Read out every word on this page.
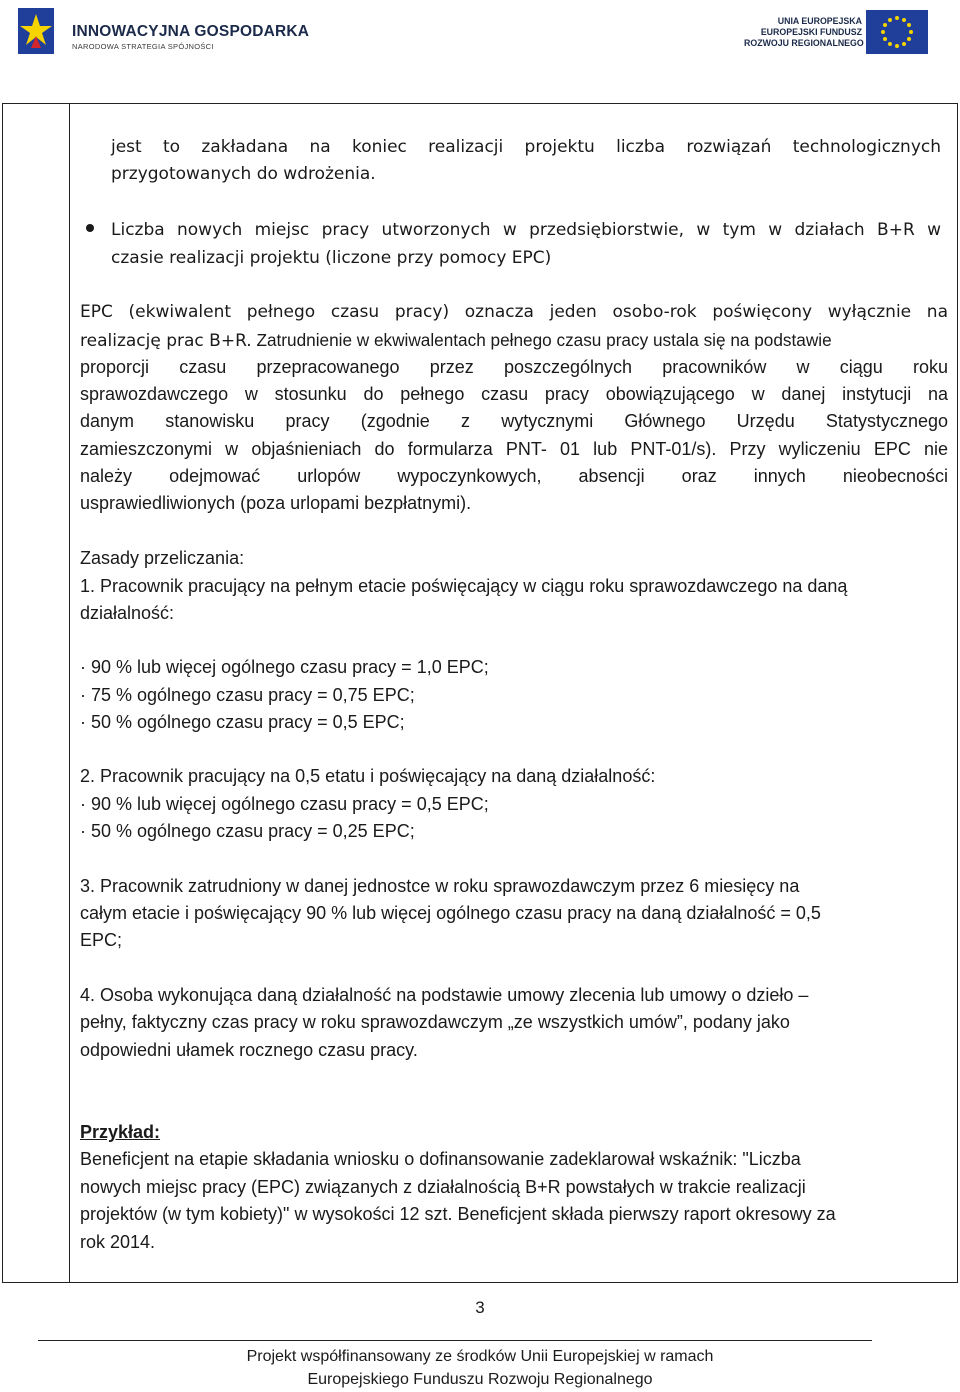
INNOWACYJNA GOSPODARKA
NARODOWA STRATEGIA SPÓJNOŚCI
UNIA EUROPEJSKA
EUROPEJSKI FUNDUSZ
ROZWOJU REGIONALNEGO
jest to zakładana na koniec realizacji projektu liczba rozwiązań technologicznych
przygotowanych do wdrożenia.
Liczba nowych miejsc pracy utworzonych w przedsiębiorstwie, w tym w działach B+R w
czasie realizacji projektu (liczone przy pomocy EPC)
EPC (ekwiwalent pełnego czasu pracy) oznacza jeden osobo-rok poświęcony wyłącznie na
realizację prac B+R. Zatrudnienie w ekwiwalentach pełnego czasu pracy ustala się na podstawie
proporcji czasu przepracowanego przez poszczególnych pracowników w ciągu roku
sprawozdawczego w stosunku do pełnego czasu pracy obowiązującego w danej instytucji na
danym stanowisku pracy (zgodnie z wytycznymi Głównego Urzędu Statystycznego
zamieszczonymi w objaśnieniach do formularza PNT- 01 lub PNT-01/s). Przy wyliczeniu EPC nie
należy odejmować urlopów wypoczynkowych, absencji oraz innych nieobecności
usprawiedliwionych (poza urlopami bezpłatnymi).
Zasady przeliczania:
1. Pracownik pracujący na pełnym etacie poświęcający w ciągu roku sprawozdawczego na daną
działalność:
· 90 % lub więcej ogólnego czasu pracy = 1,0 EPC;
· 75 % ogólnego czasu pracy = 0,75 EPC;
· 50 % ogólnego czasu pracy = 0,5 EPC;
2. Pracownik pracujący na 0,5 etatu i poświęcający na daną działalność:
· 90 % lub więcej ogólnego czasu pracy = 0,5 EPC;
· 50 % ogólnego czasu pracy = 0,25 EPC;
3. Pracownik zatrudniony w danej jednostce w roku sprawozdawczym przez 6 miesięcy na
całym etacie i poświęcający 90 % lub więcej ogólnego czasu pracy na daną działalność = 0,5
EPC;
4. Osoba wykonująca daną działalność na podstawie umowy zlecenia lub umowy o dzieło –
pełny, faktyczny czas pracy w roku sprawozdawczym „ze wszystkich umów”, podany jako
odpowiedni ułamek rocznego czasu pracy.
Przykład:
Beneficjent na etapie składania wniosku o dofinansowanie zadeklarował wskaźnik: "Liczba
nowych miejsc pracy (EPC) związanych z działalnością B+R powstałych w trakcie realizacji
projektów (w tym kobiety)" w wysokości 12 szt. Beneficjent składa pierwszy raport okresowy za
rok 2014.
3
Projekt współfinansowany ze środków Unii Europejskiej w ramach
Europejskiego Funduszu Rozwoju Regionalnego
